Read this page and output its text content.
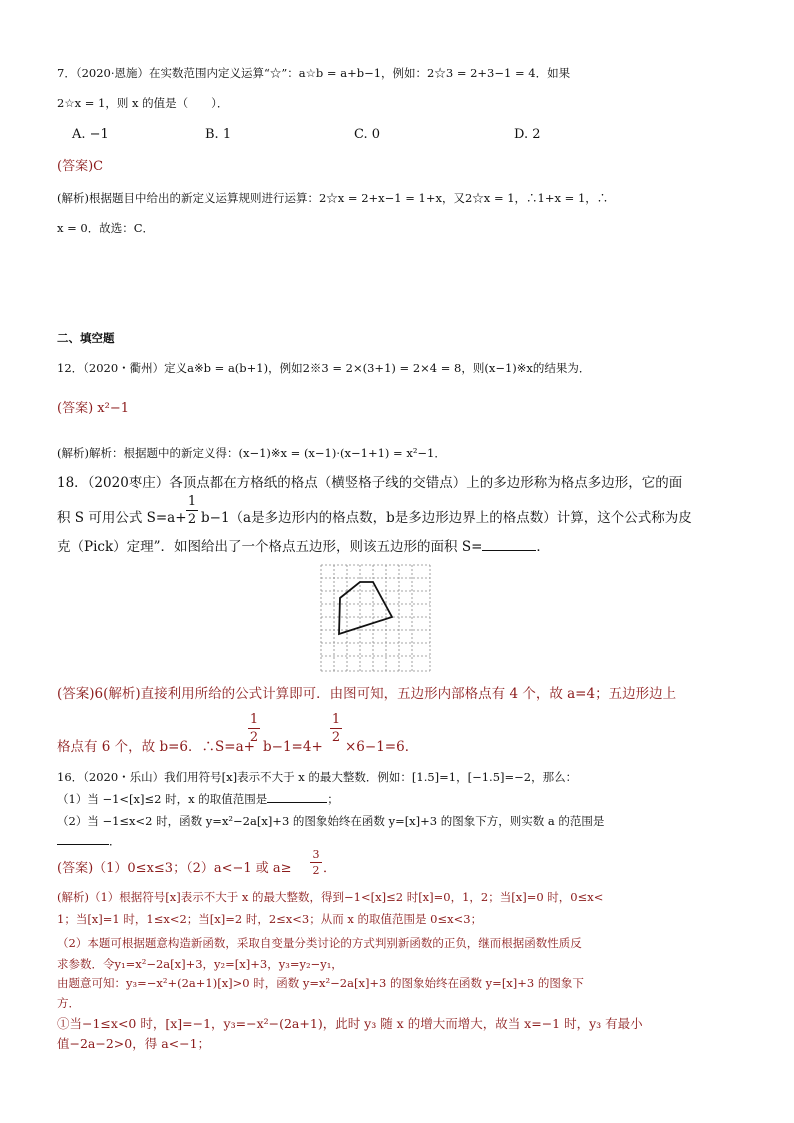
7．（2020·恩施）在实数范围内定义运算“☆”：a☆b = a+b−1，例如：2☆3 = 2+3−1 = 4．如果
2☆x = 1，则 x 的值是（　　）．
A. −1	B. 1	C. 0	D. 2
(答案)C
(解析)根据题目中给出的新定义运算规则进行运算：2☆x = 2+x−1 = 1+x，又2☆x = 1，∴1+x = 1，∴
x = 0．故选：C．
二、填空题
12．（2020・衢州）定义a※b = a(b+1)，例如2※3 = 2×(3+1) = 2×4 = 8，则(x−1)※x的结果为．
(答案) x²−1
(解析)解析：根据题中的新定义得：(x−1)※x = (x−1)·(x−1+1) = x²−1．
18．（2020枣庄）各顶点都在方格纸的格点（横竖格子线的交错点）上的多边形称为格点多边形，它的面
积 S 可用公式 S=a+
1
2 b−1（a是多边形内的格点数，b是多边形边界上的格点数）计算，这个公式称为皮
克（Pick）定理”．如图给出了一个格点五边形，则该五边形的面积 S=	．
(答案)6(解析)直接利用所给的公式计算即可．由图可知，五边形内部格点有 4 个，故 a=4；五边形边上
格点有 6 个，故 b=6．∴S=a+
1
2
b−1=4+
1
2
×6−1=6．
16．（2020・乐山）我们用符号[x]表示不大于 x 的最大整数．例如：[1.5]=1，[−1.5]=−2，那么：
（1）当 −1<[x]≤2 时，x 的取值范围是	；
（2）当 −1≤x<2 时，函数 y=x²−2a[x]+3 的图象始终在函数 y=[x]+3 的图象下方，则实数 a 的范围是
．
(答案)（1）0≤x≤3；（2）a<−1 或 a≥
3
2 ．
(解析)（1）根据符号[x]表示不大于 x 的最大整数，得到−1<[x]≤2 时[x]=0，1，2；当[x]=0 时，0≤x<
1；当[x]=1 时，1≤x<2；当[x]=2 时，2≤x<3；从而 x 的取值范围是 0≤x<3；
（2）本题可根据题意构造新函数，采取自变量分类讨论的方式判别新函数的正负，继而根据函数性质反
求参数．令y₁=x²−2a[x]+3，y₂=[x]+3，y₃=y₂−y₁，
由题意可知：y₃=−x²+(2a+1)[x]>0 时，函数 y=x²−2a[x]+3 的图象始终在函数 y=[x]+3 的图象下
方．
①当−1≤x<0 时，[x]=−1，y₃=−x²−(2a+1)，此时 y₃ 随 x 的增大而增大，故当 x=−1 时，y₃ 有最小
值−2a−2>0，得 a<−1；
